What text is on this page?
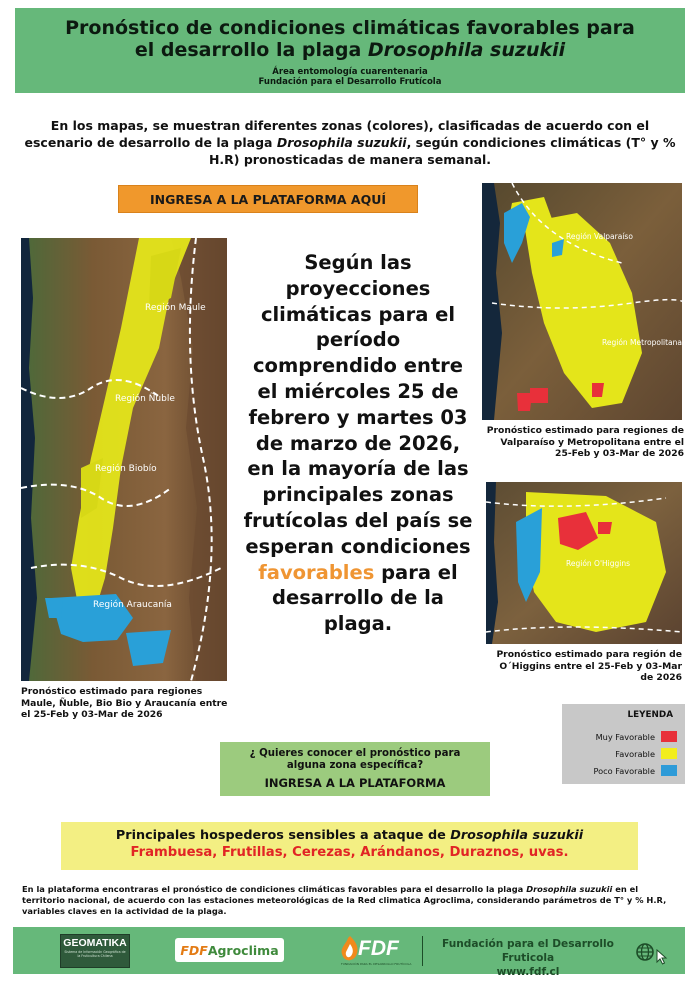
Pronóstico de condiciones climáticas favorables para
el desarrollo la plaga Drosophila suzukii
Área entomología cuarentenaria
Fundación para el Desarrollo Frutícola
En los mapas, se muestran diferentes zonas (colores), clasificadas de acuerdo con el escenario de desarrollo de la plaga Drosophila suzukii, según condiciones climáticas (T° y % H.R) pronosticadas de manera semanal.
INGRESA A LA PLATAFORMA AQUÍ
Región Maule
Región Ñuble
Región Biobío
Región Araucanía
Pronóstico estimado para regiones Maule, Ñuble, Bio Bio y Araucanía entre el 25-Feb y 03-Mar de 2026
Según las proyecciones climáticas para el período comprendido entre el miércoles 25 de febrero y martes 03 de marzo de 2026, en la mayoría de las principales zonas frutícolas del país se esperan condiciones favorables para el desarrollo de la plaga.
Región Valparaíso
Región Metropolitana
Pronóstico estimado para regiones de Valparaíso y Metropolitana entre el 25-Feb y 03-Mar de 2026
Región O'Higgins
Pronóstico estimado para región de O´Higgins entre el 25-Feb y 03-Mar de 2026
LEYENDA
Muy Favorable
Favorable
Poco Favorable
¿ Quieres conocer el pronóstico para
alguna zona específica?
INGRESA A LA PLATAFORMA
Principales hospederos sensibles a ataque de Drosophila suzukii
Frambuesa, Frutillas, Cerezas, Arándanos, Duraznos, uvas.
En la plataforma encontraras el pronóstico de condiciones climáticas favorables para el desarrollo la plaga Drosophila suzukii en el territorio nacional, de acuerdo con las estaciones meteorológicas de la Red climatica Agroclima, considerando parámetros de T° y % H.R, variables claves en la actividad de la plaga.
GEOMATIKA
Sistema de Información Geográfica de la Fruticultura Chilena	FDF Agroclima	FDF
FUNDACIÓN PARA EL DESARROLLO FRUTÍCOLA
Fundación para el Desarrollo Fruticola
www.fdf.cl
